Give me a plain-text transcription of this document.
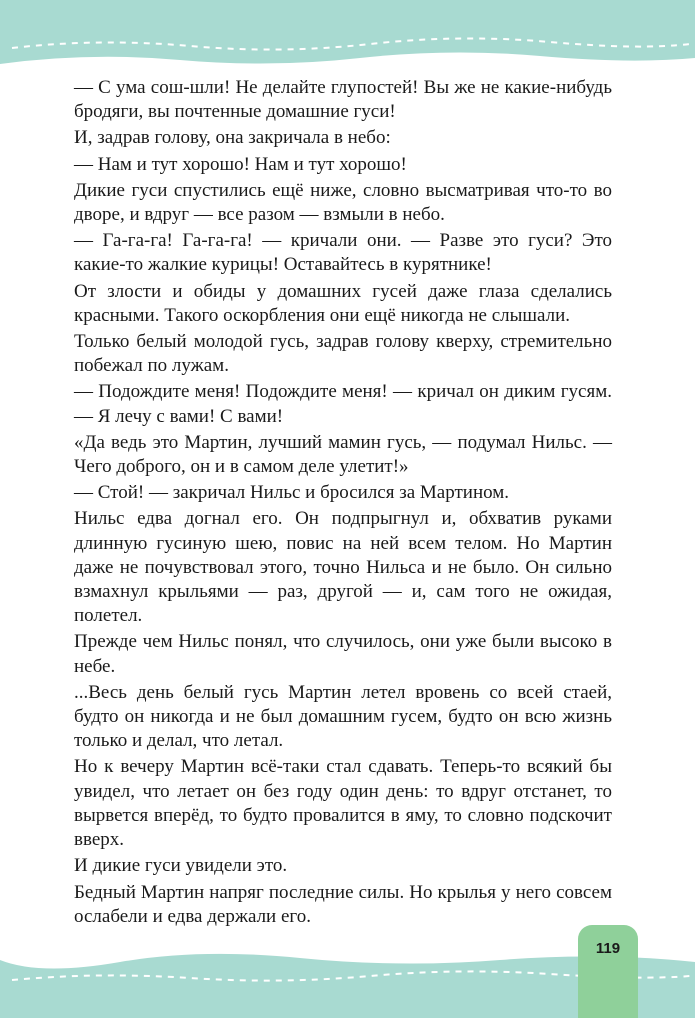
119

— С ума сош-шли! Не делайте глупостей! Вы же не какие-нибудь бродяги, вы почтенные домашние гуси!

И, задрав голову, она закричала в небо:

— Нам и тут хорошо! Нам и тут хорошо!

Дикие гуси спустились ещё ниже, словно высматривая что-то во дворе, и вдруг — все разом — взмыли в небо.

— Га-га-га! Га-га-га! — кричали они. — Разве это гуси? Это какие-то жалкие курицы! Оставайтесь в курятнике!

От злости и обиды у домашних гусей даже глаза сделались красными. Такого оскорбления они ещё никогда не слышали.

Только белый молодой гусь, задрав голову кверху, стремительно побежал по лужам.

— Подождите меня! Подождите меня! — кричал он диким гусям. — Я лечу с вами! С вами!

«Да ведь это Мартин, лучший мамин гусь, — подумал Нильс. — Чего доброго, он и в самом деле улетит!»

— Стой! — закричал Нильс и бросился за Мартином.

Нильс едва догнал его. Он подпрыгнул и, обхватив руками длинную гусиную шею, повис на ней всем телом. Но Мартин даже не почувствовал этого, точно Нильса и не было. Он сильно взмахнул крыльями — раз, другой — и, сам того не ожидая, полетел.

Прежде чем Нильс понял, что случилось, они уже были высоко в небе.

...Весь день белый гусь Мартин летел вровень со всей стаей, будто он никогда и не был домашним гусем, будто он всю жизнь только и делал, что летал.

Но к вечеру Мартин всё-таки стал сдавать. Теперь-то всякий бы увидел, что летает он без году один день: то вдруг отстанет, то вырвется вперёд, то будто провалится в яму, то словно подскочит вверх.

И дикие гуси увидели это.

Бедный Мартин напряг последние силы. Но крылья у него совсем ослабели и едва держали его.
